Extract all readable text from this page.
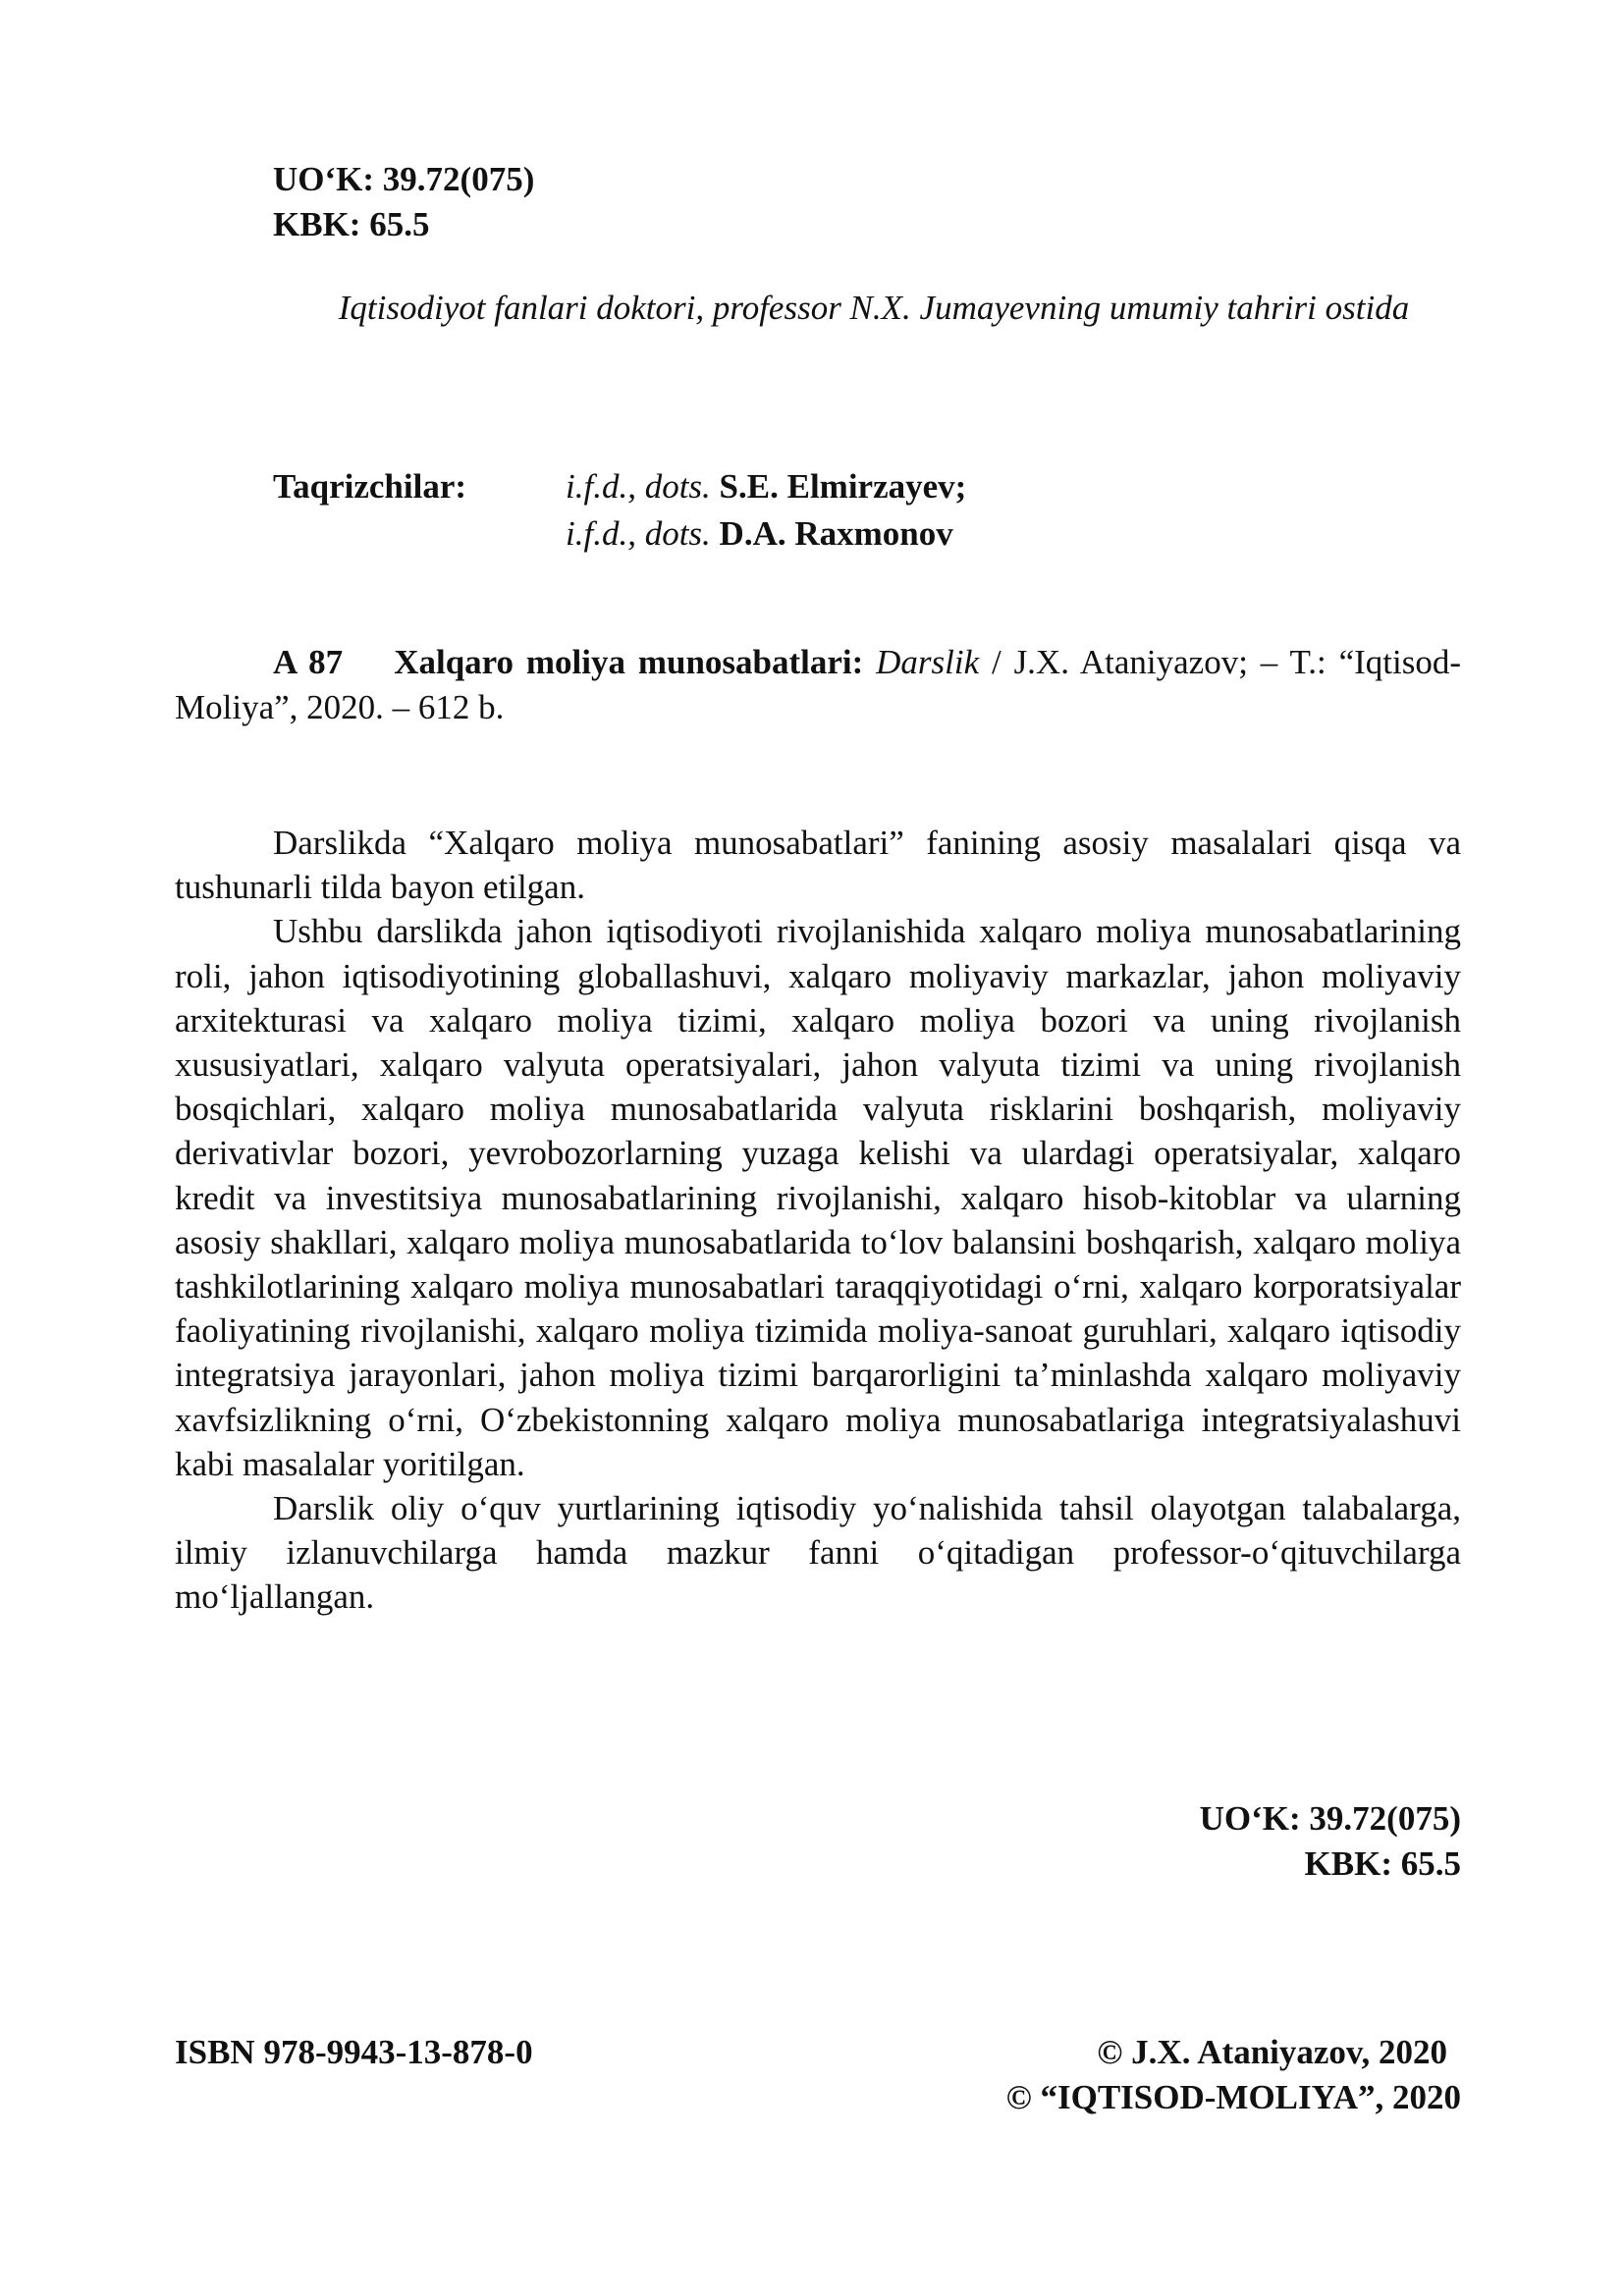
UO‘K: 39.72(075)
KBK: 65.5
Iqtisodiyot fanlari doktori, professor N.X. Jumayevning umumiy tahriri ostida
Taqrizchilar:	i.f.d., dots. S.E. Elmirzayev;
i.f.d., dots. D.A. Raxmonov

A 87 Xalqaro moliya munosabatlari: Darslik / J.X. Ataniyazov; – T.: “Iqtisod-Moliya”, 2020. – 612 b.

Darslikda “Xalqaro moliya munosabatlari” fanining asosiy masalalari qisqa va tushunarli tilda bayon etilgan.

Ushbu darslikda jahon iqtisodiyoti rivojlanishida xalqaro moliya munosabatlarining roli, jahon iqtisodiyotining globallashuvi, xalqaro moliyaviy markazlar, jahon moliyaviy arxitekturasi va xalqaro moliya tizimi, xalqaro moliya bozori va uning rivojlanish xususiyatlari, xalqaro valyuta operatsiyalari, jahon valyuta tizimi va uning rivojlanish bosqichlari, xalqaro moliya munosabatlarida valyuta risklarini boshqarish, moliyaviy derivativlar bozori, yevrobozorlarning yuzaga kelishi va ulardagi operatsiyalar, xalqaro kredit va investitsiya munosabatlarining rivojlanishi, xalqaro hisob-kitoblar va ularning asosiy shakllari, xalqaro moliya munosabatlarida to‘lov balansini boshqarish, xalqaro moliya tashkilotlarining xalqaro moliya munosabatlari taraqqiyotidagi o‘rni, xalqaro korporatsiyalar faoliyatining rivojlanishi, xalqaro moliya tizimida moliya-sanoat guruhlari, xalqaro iqtisodiy integratsiya jarayonlari, jahon moliya tizimi barqarorligini ta’minlashda xalqaro moliyaviy xavfsizlikning o‘rni, O‘zbekistonning xalqaro moliya munosabatlariga integratsiyalashuvi kabi masalalar yoritilgan.

Darslik oliy o‘quv yurtlarining iqtisodiy yo‘nalishida tahsil olayotgan talabalarga, ilmiy izlanuvchilarga hamda mazkur fanni o‘qitadigan professor-o‘qituvchilarga mo‘ljallangan.

UO‘K: 39.72(075)
KBK: 65.5
ISBN 978-9943-13-878-0	© J.X. Ataniyazov, 2020
© “IQTISOD-MOLIYA”, 2020
